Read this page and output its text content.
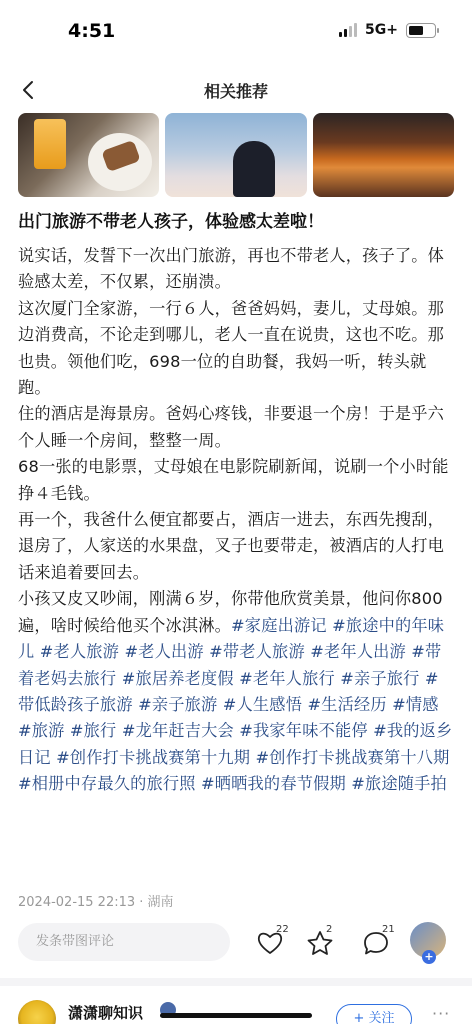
4:51	5G+
相关推荐
出门旅游不带老人孩子，体验感太差啦！

说实话，发誓下一次出门旅游，再也不带老人，孩子了。体验感太差，不仅累，还崩溃。

这次厦门全家游，一行６人，爸爸妈妈，妻儿，丈母娘。那边消费高，不论走到哪儿，老人一直在说贵，这也不吃。那也贵。领他们吃，698一位的自助餐，我妈一听，转头就跑。

住的酒店是海景房。爸妈心疼钱，非要退一个房！于是乎六个人睡一个房间，整整一周。

68一张的电影票，丈母娘在电影院刷新闻，说刷一个小时能挣４毛钱。

再一个，我爸什么便宜都要占，酒店一进去，东西先搜刮，退房了，人家送的水果盘，叉子也要带走，被酒店的人打电话来追着要回去。

小孩又皮又吵闹，刚满６岁，你带他欣赏美景，他问你800遍，啥时候给他买个冰淇淋。#家庭出游记 #旅途中的年味儿 #老人旅游 #老人出游 #带老人旅游 #老年人出游 #带着老妈去旅行 #旅居养老度假 #老年人旅行 #亲子旅行 #带低龄孩子旅游 #亲子旅游 #人生感悟 #生活经历 #情感 #旅游 #旅行 #龙年赶吉大会 #我家年味不能停 #我的返乡日记 #创作打卡挑战赛第十九期 #创作打卡挑战赛第十八期 #相册中存最久的旅行照 #晒晒我的春节假期 #旅途随手拍

2024-02-15 22:13 · 湖南
发条带图评论
22	2	21
+
潇潇聊知识	+ 关注	···
